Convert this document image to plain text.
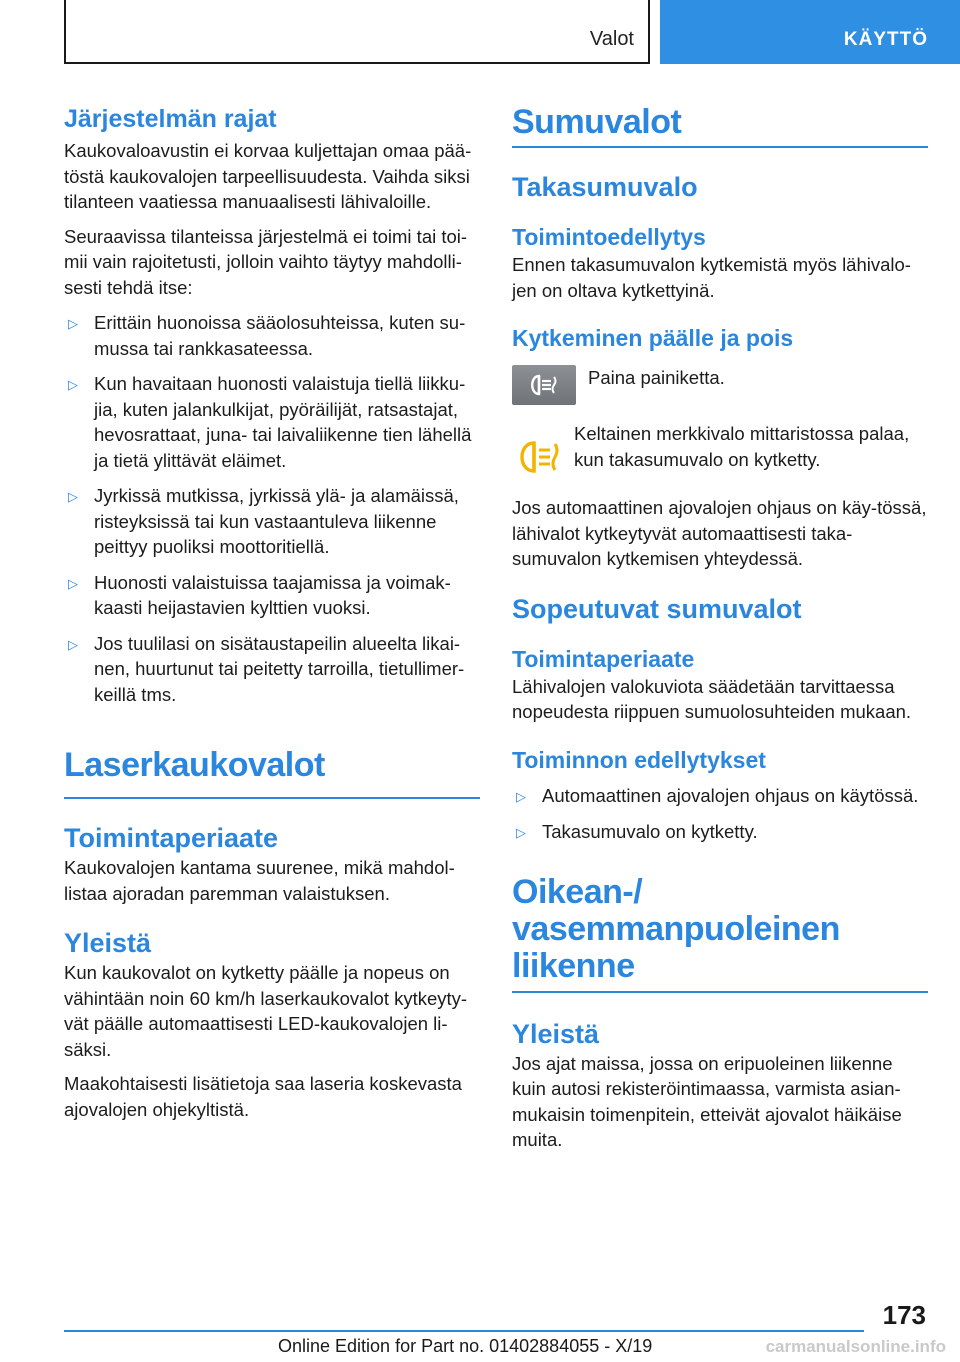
Valot	KÄYTTÖ
Järjestelmän rajat
Kaukovaloavustin ei korvaa kuljettajan omaa pää-töstä kaukovalojen tarpeellisuudesta. Vaihda siksi tilanteen vaatiessa manuaalisesti lähivaloille.
Seuraavissa tilanteissa järjestelmä ei toimi tai toi-mii vain rajoitetusti, jolloin vaihto täytyy mahdolli-sesti tehdä itse:
▷ Erittäin huonoissa sääolosuhteissa, kuten su-mussa tai rankkasateessa.
▷ Kun havaitaan huonosti valaistuja tiellä liikku-jia, kuten jalankulkijat, pyöräilijät, ratsastajat, hevosrattaat, juna- tai laivaliikenne tien lähellä ja tietä ylittävät eläimet.
▷ Jyrkissä mutkissa, jyrkissä ylä- ja alamäissä, risteyksissä tai kun vastaantuleva liikenne peittyy puoliksi moottoritiellä.
▷ Huonosti valaistuissa taajamissa ja voimak-kaasti heijastavien kylttien vuoksi.
▷ Jos tuulilasi on sisätaustapeilin alueelta likai-nen, huurtunut tai peitetty tarroilla, tietullimer-keillä tms.
Laserkaukovalot
Toimintaperiaate
Kaukovalojen kantama suurenee, mikä mahdol-listaa ajoradan paremman valaistuksen.
Yleistä
Kun kaukovalot on kytketty päälle ja nopeus on vähintään noin 60 km/h laserkaukovalot kytkeyty-vät päälle automaattisesti LED-kaukovalojen li-säksi.
Maakohtaisesti lisätietoja saa laseria koskevasta ajovalojen ohjekyltistä.
Sumuvalot
Takasumuvalo
Toimintoedellytys
Ennen takasumuvalon kytkemistä myös lähivalo-jen on oltava kytkettyinä.
Kytkeminen päälle ja pois
Paina painiketta.
Keltainen merkkivalo mittaristossa palaa, kun takasumuvalo on kytketty.
Jos automaattinen ajovalojen ohjaus on käy-tössä, lähivalot kytkeytyvät automaattisesti taka-sumuvalon kytkemisen yhteydessä.
Sopeutuvat sumuvalot
Toimintaperiaate
Lähivalojen valokuviota säädetään tarvittaessa nopeudesta riippuen sumuolosuhteiden mukaan.
Toiminnon edellytykset
▷ Automaattinen ajovalojen ohjaus on käytössä.
▷ Takasumuvalo on kytketty.
Oikean-/
vasemmanpuoleinen
liikenne
Yleistä
Jos ajat maissa, jossa on eripuoleinen liikenne kuin autosi rekisteröintimaassa, varmista asian-mukaisin toimenpitein, etteivät ajovalot häikäise muita.
173
Online Edition for Part no. 01402884055 - X/19	carmanualsonline.info
